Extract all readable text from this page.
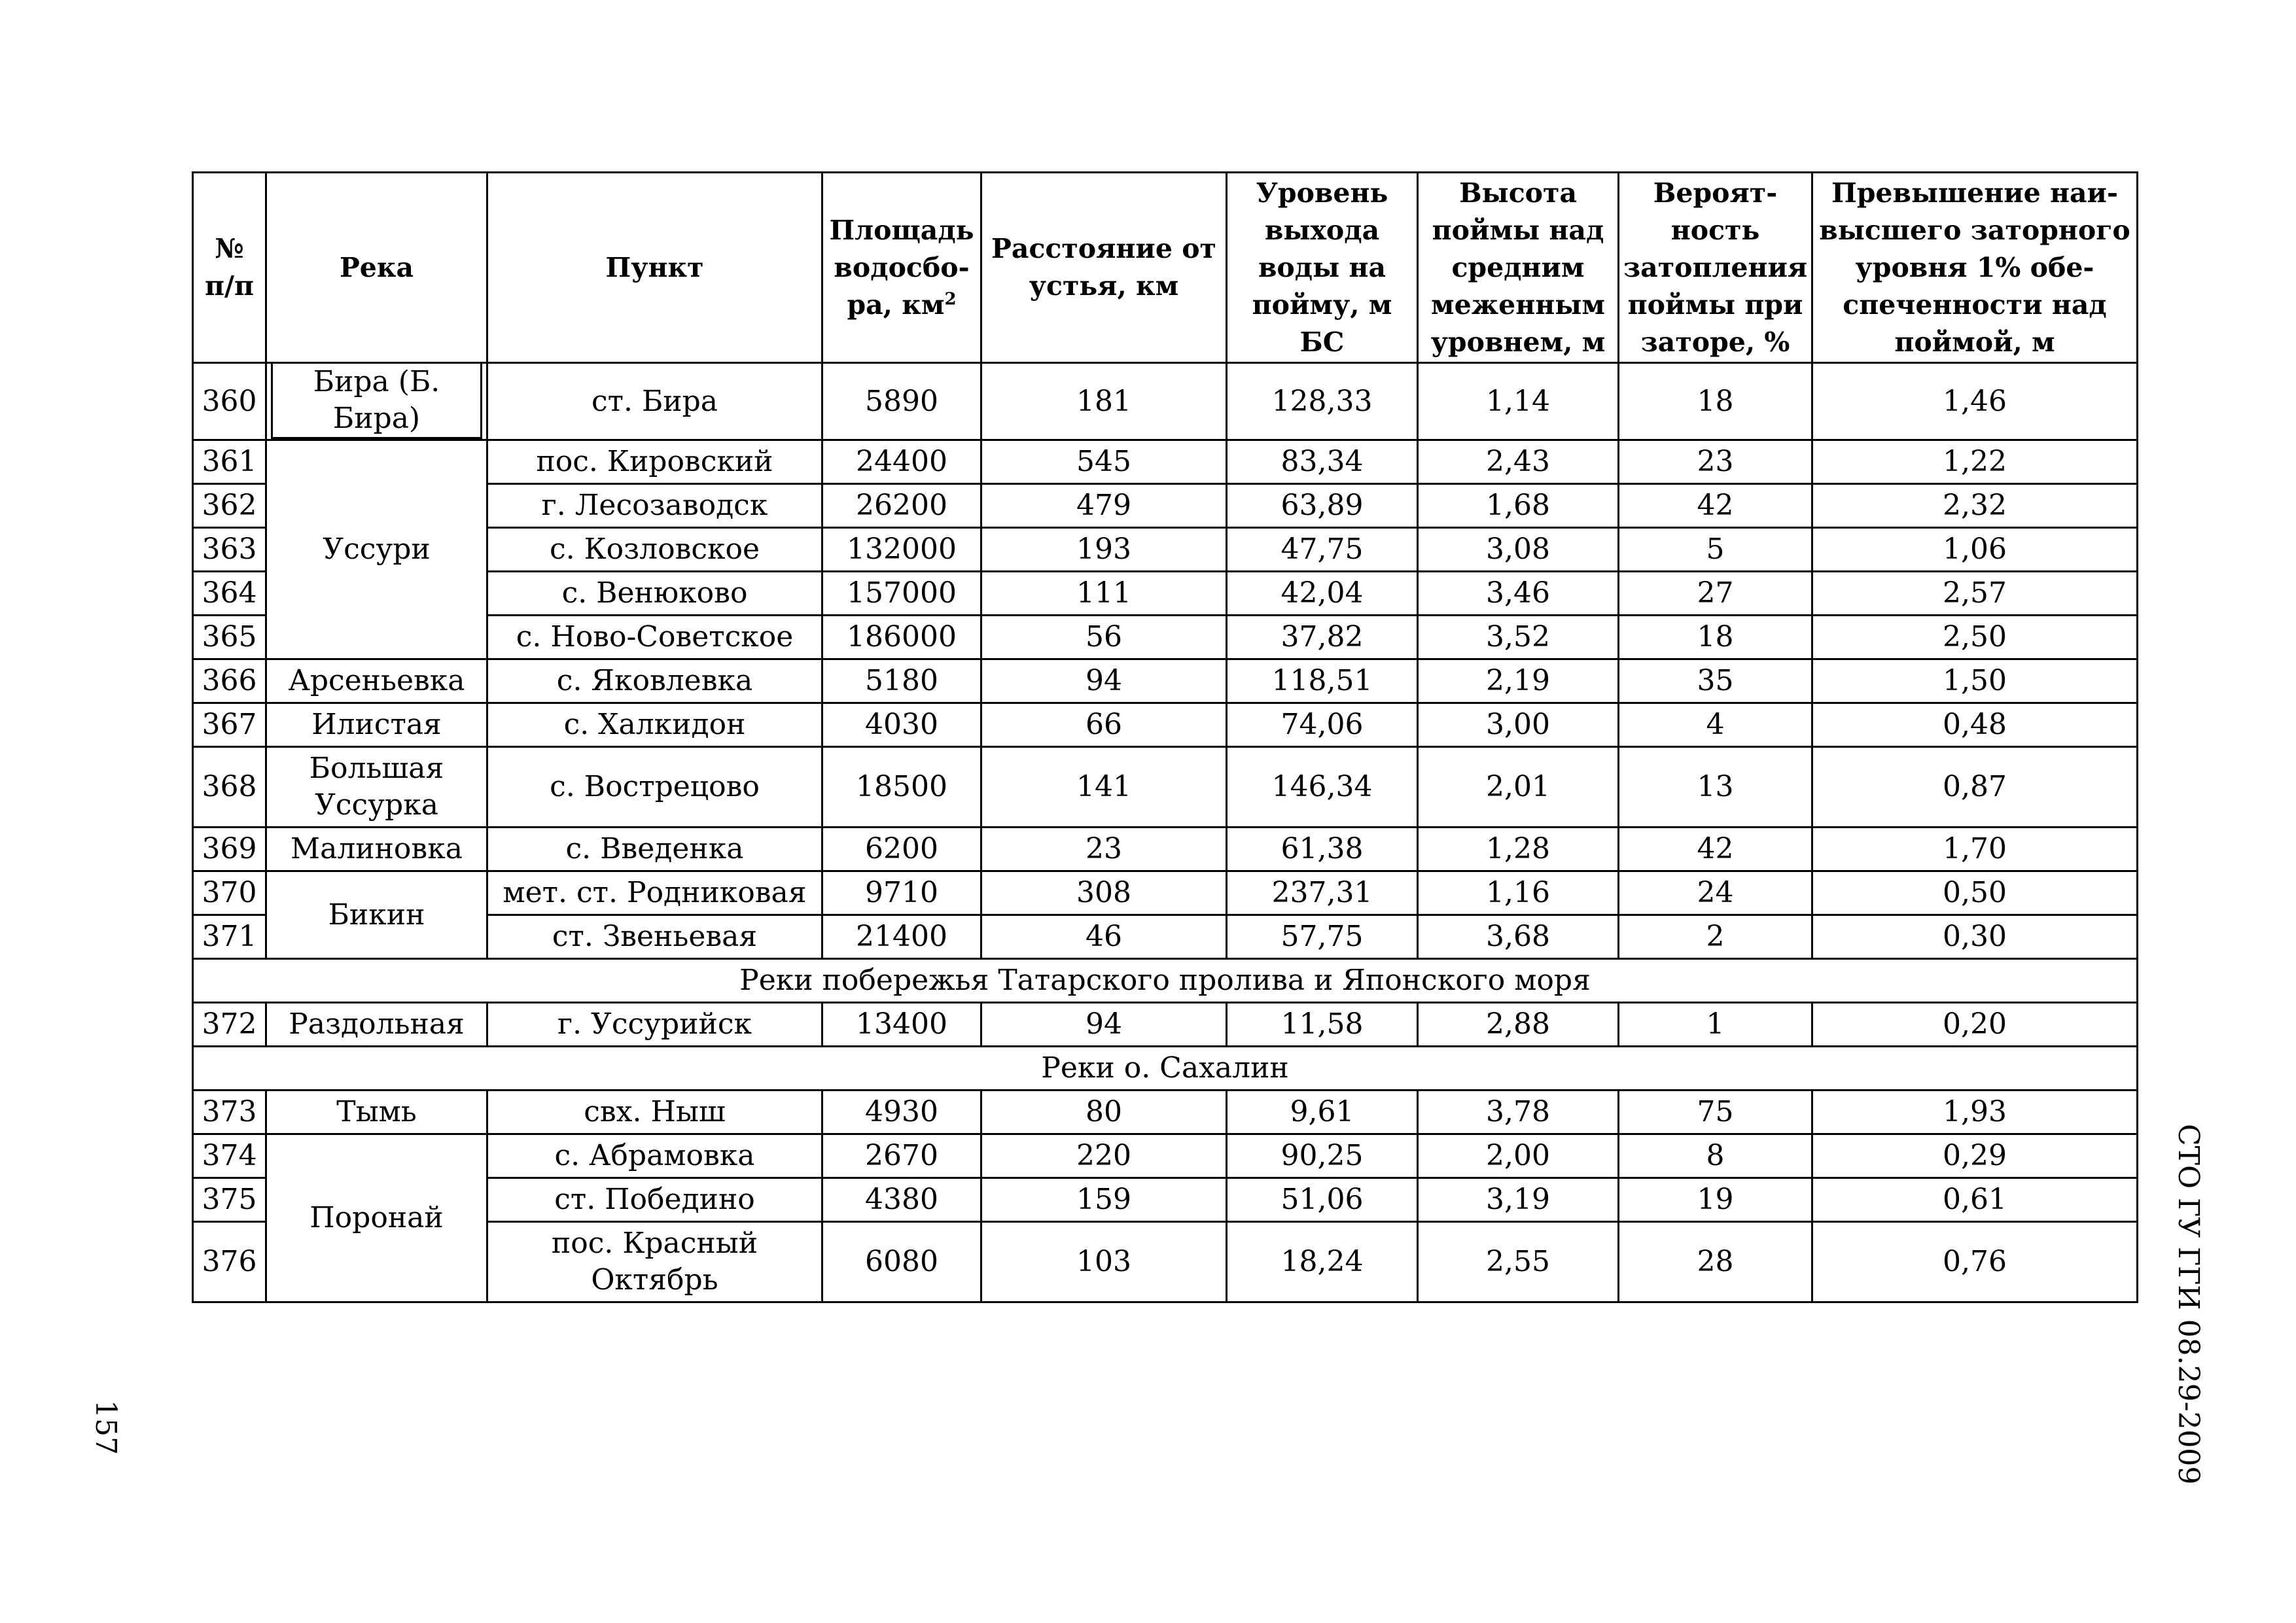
№ п/п	Река	Пункт	Площадь водосбо-ра, $км^2$	Расстояние от устья, км	Уровень выхода воды на пойму, м БС	Высота поймы над средним меженным уровнем, м	Вероят-ность затопления поймы при заторе, %	Превышение наи-высшего заторного уровня 1% обе-спеченности над поймой, м
360	Бира (Б. Бира)	ст. Бира	5890	181	128,33	1,14	18	1,46
361	Уссури	пос. Кировский	24400	545	83,34	2,43	23	1,22
362		г. Лесозаводск	26200	479	63,89	1,68	42	2,32
363		с. Козловское	132000	193	47,75	3,08	5	1,06
364		с. Венюково	157000	111	42,04	3,46	27	2,57
365		с. Ново-Советское	186000	56	37,82	3,52	18	2,50
366	Арсеньевка	с. Яковлевка	5180	94	118,51	2,19	35	1,50
367	Илистая	с. Халкидон	4030	66	74,06	3,00	4	0,48
368	Большая Уссурка	с. Вострецово	18500	141	146,34	2,01	13	0,87
369	Малиновка	с. Введенка	6200	23	61,38	1,28	42	1,70
370	Бикин	мет. ст. Родниковая	9710	308	237,31	1,16	24	0,50
371		ст. Звеньевая	21400	46	57,75	3,68	2	0,30
Реки побережья Татарского пролива и Японского моря								
372	Раздольная	г. Уссурийск	13400	94	11,58	2,88	1	0,20
Реки о. Сахалин								
373	Тымь	свх. Ныш	4930	80	9,61	3,78	75	1,93
374	Поронай	с. Абрамовка	2670	220	90,25	2,00	8	0,29
375		ст. Победино	4380	159	51,06	3,19	19	0,61
376		пос. Красный Октябрь	6080	103	18,24	2,55	28	0,76
157	СТО ГУ ГГИ 08.29-2009
